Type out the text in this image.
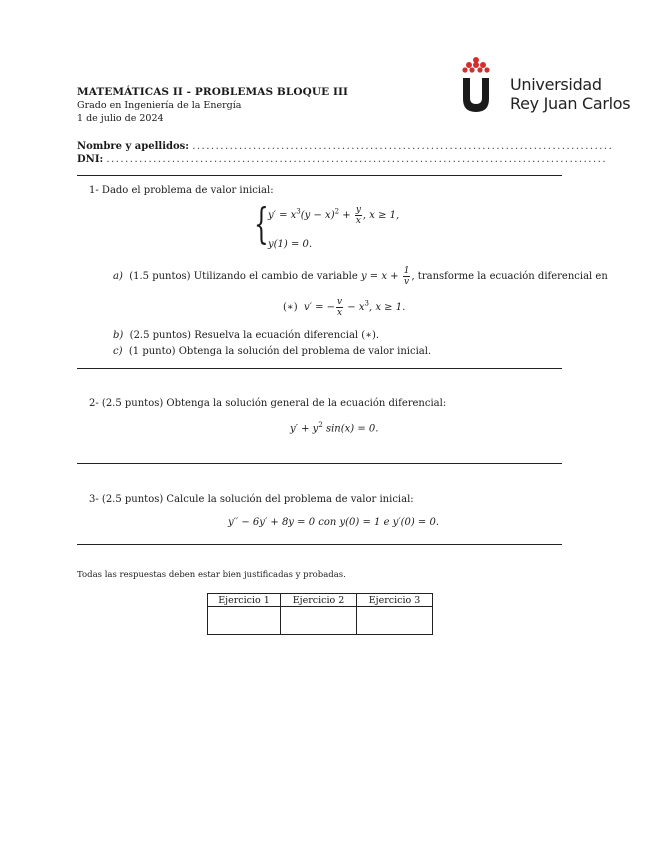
MATEMÁTICAS II - PROBLEMAS BLOQUE III
Grado en Ingeniería de la Energía
1 de julio de 2024
Universidad
Rey Juan Carlos
Nombre y apellidos: ..........................................................................................
DNI: ...........................................................................................................
1- Dado el problema de valor inicial:
{ $y' = x^3(y - x)^2 + \frac{y}{x}$ , x ≥ 1,
y(1) = 0.
a) (1.5 puntos) Utilizando el cambio de variable $y = x + \frac{1}{v}$ , transforme la ecuación diferencial en
(∗) v′ = − $\frac{v}{x} - x^3$, x ≥ 1.
b) (2.5 puntos) Resuelva la ecuación diferencial (∗).
c) (1 punto) Obtenga la solución del problema de valor inicial.
2- (2.5 puntos) Obtenga la solución general de la ecuación diferencial:
$y' + y^2$ sin(x) = 0.
3- (2.5 puntos) Calcule la solución del problema de valor inicial:
y′′ − 6y′ + 8y = 0 con y(0) = 1 e y′(0) = 0.
Todas las respuestas deben estar bien justificadas y probadas.
Ejercicio 1	Ejercicio 2	Ejercicio 3
